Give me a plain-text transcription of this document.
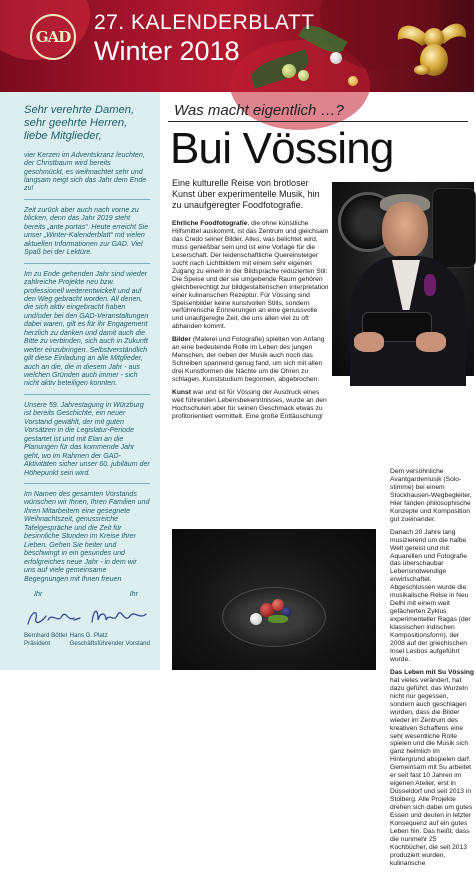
GAD
27. KALENDERBLATT
Winter 2018
Sehr verehrte Damen, sehr geehrte Herren, liebe Mitglieder,

vier Kerzen im Adventskranz leuchten, der Christbaum wird bereits geschmückt, es weihnachtet sehr und langsam neigt sich das Jahr dem Ende zu!

Zeit zurück aber auch nach vorne zu blicken, denn das Jahr 2019 steht bereits „ante portas“. Heute erreicht Sie unser „Winter-Kalenderblatt“ mit vielen aktuellen Informationen zur GAD. Viel Spaß bei der Lektüre.

Im zu Ende gehenden Jahr sind wieder zahlreiche Projekte neu bzw. professionell weiterentwickelt und auf den Weg gebracht worden. All denen, die sich aktiv eingebracht haben und/oder bei den GAD-Veranstaltungen dabei waren, gilt es für ihr Engagement herzlich zu danken und damit auch die Bitte zu verbinden, sich auch in Zukunft weiter einzubringen. Selbstverständlich gilt diese Einladung an alle Mitglieder, auch an die, die in diesem Jahr - aus welchen Gründen auch immer - sich nicht aktiv beteiligen konnten.

Unsere 59. Jahrestagung in Würzburg ist bereits Geschichte, ein neuer Vorstand gewählt, der mit guten Vorsätzen in die Legislatur-Periode gestartet ist und mit Elan an die Planungen für das kommende Jahr geht, wo im Rahmen der GAD-Aktivitäten sicher unser 60. jubiläum der Höhepunkt sein wird.

Im Namen des gesamten Vorstands wünschen wir Ihnen, Ihren Familien und Ihren Mitarbeitern eine gesegnete Weihnachtszeit, genussreiche Tafelgespräche und die Zeit für besinnliche Stunden im Kreise Ihrer Lieben. Gehen Sie heiter und beschwingt in ein gesundes und erfolgreiches neue Jahr - in dem wir uns auf viele gemeinsame Begegnungen mit Ihnen freuen

Ihr	Ihr
Bernhard Böttel
Präsident
Hans G. Platz
Geschäftsführender Vorstand
Was macht eigentlich …?
Bui Vössing
Eine kulturelle Reise von brotloser Kunst über experimentelle Musik, hin zu unaufgeregter Foodfotografie.

Ehrliche Foodfotografie, die ohne künstliche Hilfsmittel auskommt, ist das Zentrum und gleichsam das Credo seiner Bilder. Alles, was belichtet wird, muss genießbar sein und ist eine Vorlage für die Leserschaft. Der leidenschaftliche Quereinsteiger sucht nach Lichtbildern mit einem sehr eigenen Zugang zu einem in der Bildsprache reduzierten Stil: Die Speise und der sie umgebende Raum gehören gleichberechtigt zur bildgestalterischen Interpretation einer kulinarischen Rezeptur. Für Vössing sind Speisenbilder keine kunstvollen Stills, sondern verführerische Erinnerungen an eine genussvolle und unaufgeregte Zeit, die uns allen viel zu oft abhanden kommt.

Bilder (Malerei und Fotografie) spielten von Anfang an eine bedeutende Rolle im Leben des jungen Menschen, der neben der Musik auch noch das Schreiben spannend genug fand, um sich mit allen drei Kunstformen die Nächte um die Ohren zu schlagen. Kunststudium begonnen, abgebrochen.

Kunst war und ist für Vössing der Ausdruck eines weit führenden Lebensbekenntnisses, wurde an den Hochschulen aber für seinen Geschmack etwas zu profitorientiert vermittelt. Eine große Enttäuschung!

Dem versöhnliche Avantgardemusik (Solo-stimme) bei einem Stockhausen-Wegbegleiter. Hier fanden philosophische Konzepte und Komposition gut zueinander.

Danach 20 Jahre lang musizierend um die halbe Welt gereist und mit Aquarellen und Fotografie das überschaubar Lebensnotwendige erwirtschaftet. Abgeschlossen wurde die musikalische Reise in Neu Delhi mit einem weit gefächerten Zyklus experimenteller Ragas (der klassischen indischen Kompositionsform), der 2008 auf der griechischen Insel Lesbos aufgeführt wurde.

Das Leben mit Su Vössing hat vieles verändert, hat dazu geführt, das Wurzeln nicht nur gegessen, sondern auch geschlagen wurden, dass die Bilder wieder im Zentrum des kreativen Schaffens eine sehr wesentliche Rolle spielen und die Musik sich ganz heimlich im Hintergrund abspielen darf. Gemeinsam mit Su arbeitet er seit fast 10 Jahren im eigenen Atelier, erst in Düsseldorf und seit 2013 in Stolberg. Alle Projekte drehen sich dabei um gutes Essen und deuten in letzter Konsequenz auf ein gutes Leben hin. Das heißt, dass die nunmehr 25 Kochbücher, die seit 2013 produziert wurden, kulinarische
